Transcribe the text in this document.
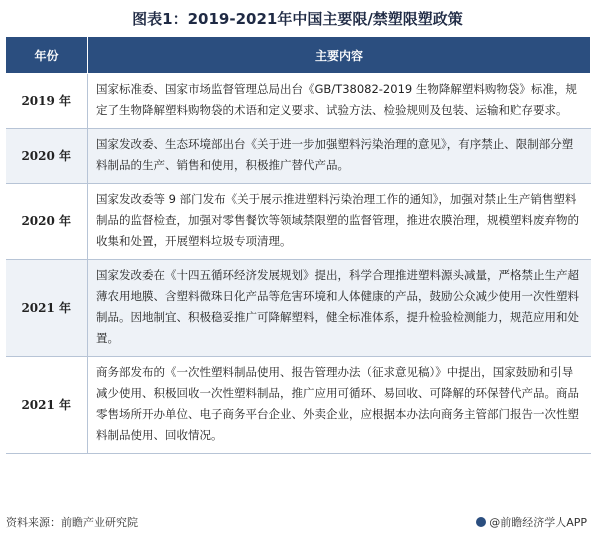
图表1：2019-2021年中国主要限/禁塑限塑政策
年份	主要内容
2019 年	国家标准委、国家市场监督管理总局出台《GB/T38082-2019 生物降解塑料购物袋》标准，规定了生物降解塑料购物袋的术语和定义要求、试验方法、检验规则及包装、运输和贮存要求。
2020 年	国家发改委、生态环境部出台《关于进一步加强塑料污染治理的意见》，有序禁止、限制部分塑料制品的生产、销售和使用，积极推广替代产品。
2020 年	国家发改委等 9 部门发布《关于展示推进塑料污染治理工作的通知》，加强对禁止生产销售塑料制品的监督检查，加强对零售餐饮等领域禁限塑的监督管理，推进农膜治理，规模塑料废弃物的收集和处置，开展塑料垃圾专项清理。
2021 年	国家发改委在《十四五循环经济发展规划》提出，科学合理推进塑料源头减量，严格禁止生产超薄农用地膜、含塑料微珠日化产品等危害环境和人体健康的产品，鼓励公众减少使用一次性塑料制品。因地制宜、积极稳妥推广可降解塑料，健全标准体系，提升检验检测能力，规范应用和处置。
2021 年	商务部发布的《一次性塑料制品使用、报告管理办法（征求意见稿）》中提出，国家鼓励和引导减少使用、积极回收一次性塑料制品，推广应用可循环、易回收、可降解的环保替代产品。商品零售场所开办单位、电子商务平台企业、外卖企业，应根据本办法向商务主管部门报告一次性塑料制品使用、回收情况。
资料来源：前瞻产业研究院	@前瞻经济学人APP
